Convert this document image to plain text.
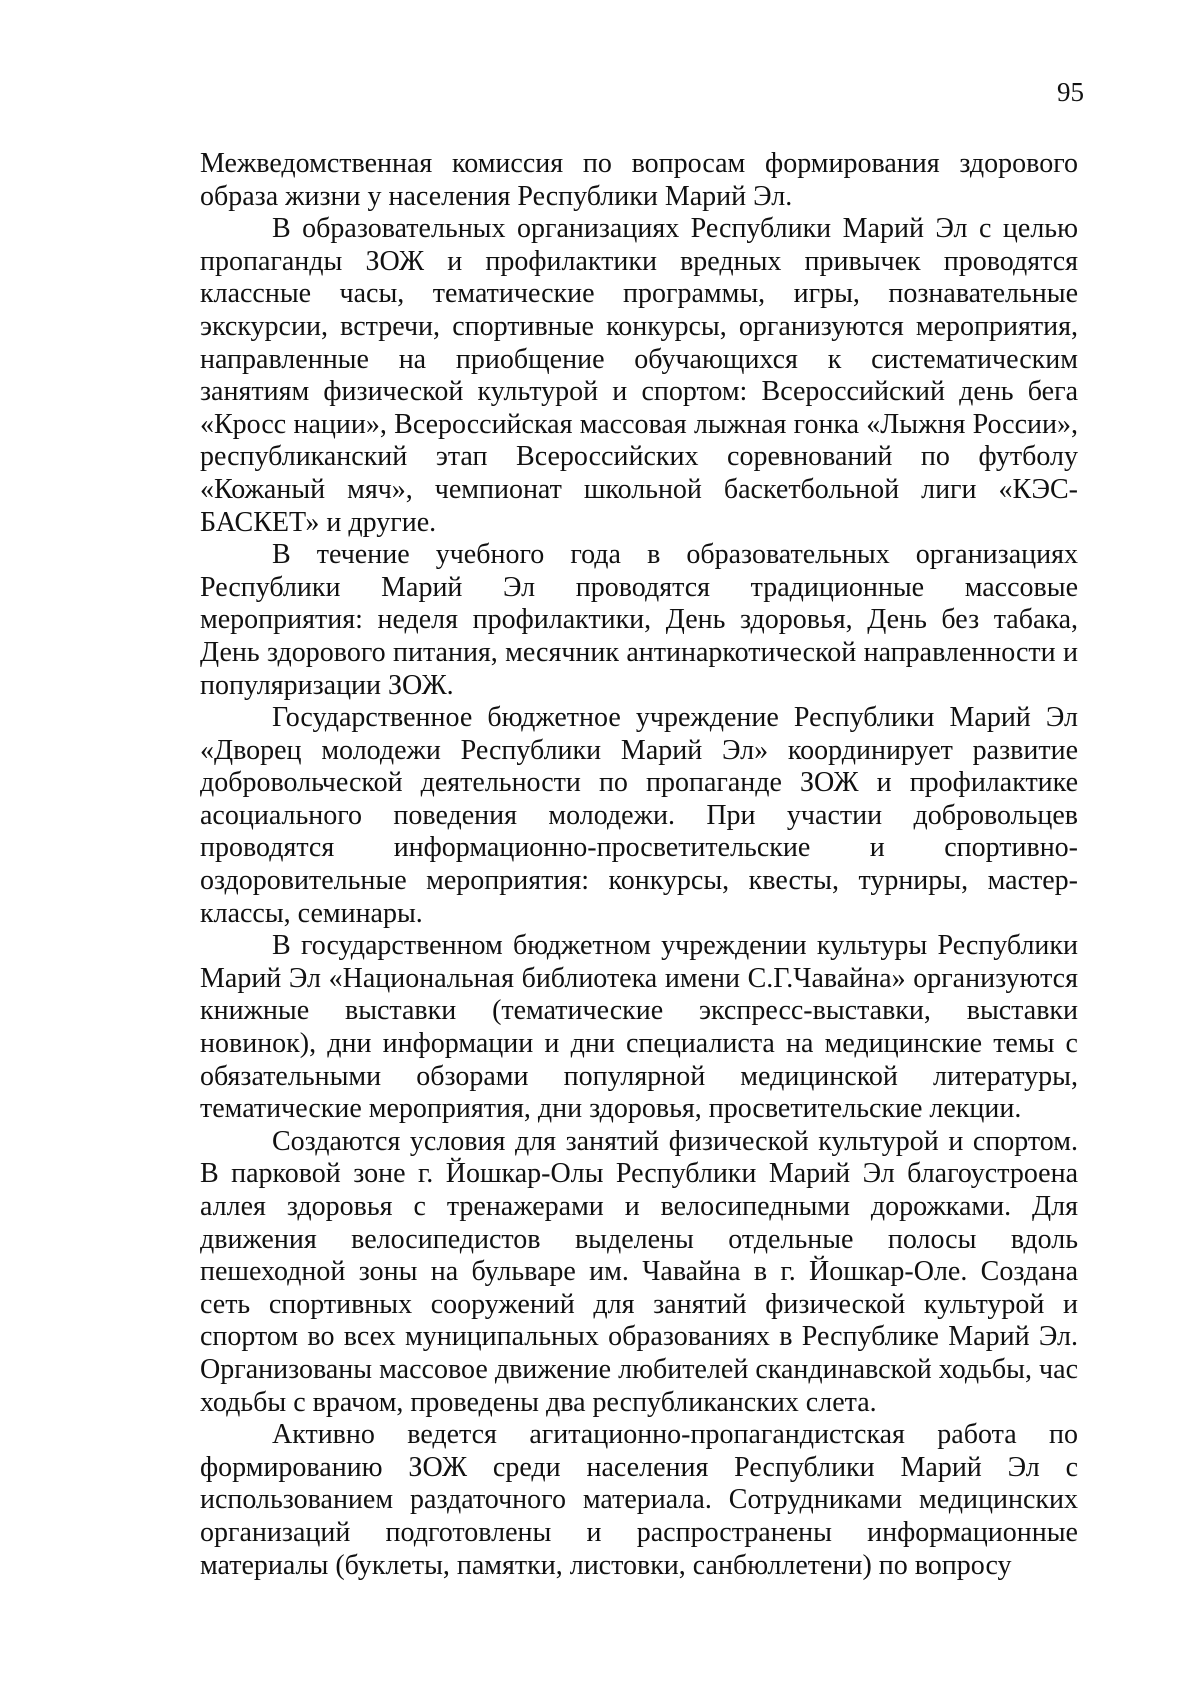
95

Межведомственная комиссия по вопросам формирования здорового образа жизни у населения Республики Марий Эл.

В образовательных организациях Республики Марий Эл с целью пропаганды ЗОЖ и профилактики вредных привычек проводятся классные часы, тематические программы, игры, познавательные экскурсии, встречи, спортивные конкурсы, организуются мероприятия, направленные на приобщение обучающихся к систематическим занятиям физической культурой и спортом: Всероссийский день бега «Кросс нации», Всероссийская массовая лыжная гонка «Лыжня России», республиканский этап Всероссийских соревнований по футболу «Кожаный мяч», чемпионат школьной баскетбольной лиги «КЭС-БАСКЕТ» и другие.

В течение учебного года в образовательных организациях Республики Марий Эл проводятся традиционные массовые мероприятия: неделя профилактики, День здоровья, День без табака, День здорового питания, месячник антинаркотической направленности и популяризации ЗОЖ.

Государственное бюджетное учреждение Республики Марий Эл «Дворец молодежи Республики Марий Эл» координирует развитие добровольческой деятельности по пропаганде ЗОЖ и профилактике асоциального поведения молодежи. При участии добровольцев проводятся информационно-просветительские и спортивно-оздоровительные мероприятия: конкурсы, квесты, турниры, мастер-классы, семинары.

В государственном бюджетном учреждении культуры Республики Марий Эл «Национальная библиотека имени С.Г.Чавайна» организуются книжные выставки (тематические экспресс-выставки, выставки новинок), дни информации и дни специалиста на медицинские темы с обязательными обзорами популярной медицинской литературы, тематические мероприятия, дни здоровья, просветительские лекции.

Создаются условия для занятий физической культурой и спортом. В парковой зоне г. Йошкар-Олы Республики Марий Эл благоустроена аллея здоровья с тренажерами и велосипедными дорожками. Для движения велосипедистов выделены отдельные полосы вдоль пешеходной зоны на бульваре им. Чавайна в г. Йошкар-Оле. Создана сеть спортивных сооружений для занятий физической культурой и спортом во всех муниципальных образованиях в Республике Марий Эл. Организованы массовое движение любителей скандинавской ходьбы, час ходьбы с врачом, проведены два республиканских слета.

Активно ведется агитационно-пропагандистская работа по формированию ЗОЖ среди населения Республики Марий Эл с использованием раздаточного материала. Сотрудниками медицинских организаций подготовлены и распространены информационные материалы (буклеты, памятки, листовки, санбюллетени) по вопросу
